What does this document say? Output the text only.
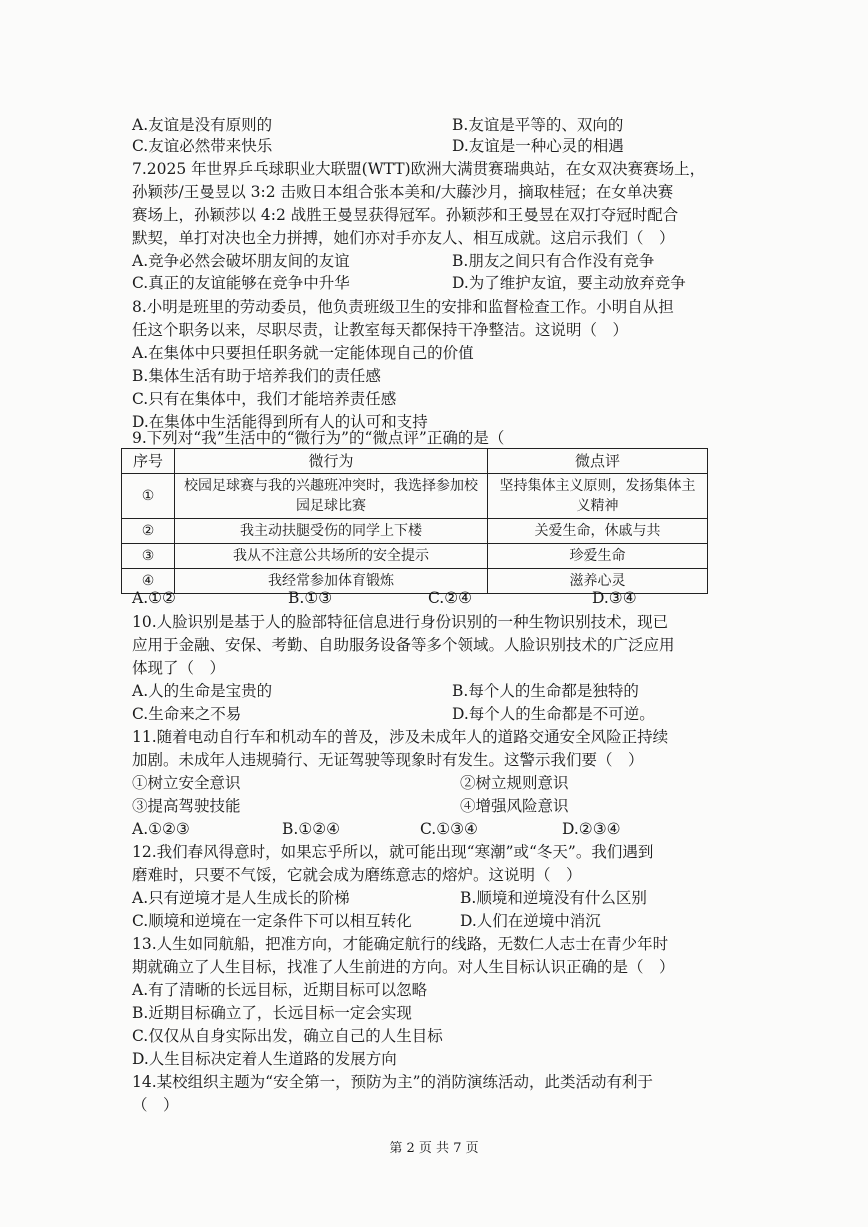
A.友谊是没有原则的	B.友谊是平等的、双向的
C.友谊必然带来快乐	D.友谊是一种心灵的相遇
7.2025 年世界乒乓球职业大联盟(WTT)欧洲大满贯赛瑞典站，在女双决赛赛场上，
孙颖莎/王曼昱以 3:2 击败日本组合张本美和/大藤沙月，摘取桂冠；在女单决赛
赛场上，孙颖莎以 4:2 战胜王曼昱获得冠军。孙颖莎和王曼昱在双打夺冠时配合
默契，单打对决也全力拼搏，她们亦对手亦友人、相互成就。这启示我们（　）
A.竞争必然会破坏朋友间的友谊	B.朋友之间只有合作没有竞争
C.真正的友谊能够在竞争中升华	D.为了维护友谊，要主动放弃竞争
8.小明是班里的劳动委员，他负责班级卫生的安排和监督检查工作。小明自从担
任这个职务以来，尽职尽责，让教室每天都保持干净整洁。这说明（　）
A.在集体中只要担任职务就一定能体现自己的价值
B.集体生活有助于培养我们的责任感
C.只有在集体中，我们才能培养责任感
D.在集体中生活能得到所有人的认可和支持
9.下列对“我”生活中的“微行为”的“微点评”正确的是（
序号	微行为	微点评
①	校园足球赛与我的兴趣班冲突时，我选择参加校园足球比赛	坚持集体主义原则，发扬集体主义精神
②	我主动扶腿受伤的同学上下楼	关爱生命，休戚与共
③	我从不注意公共场所的安全提示	珍爱生命
④	我经常参加体育锻炼	滋养心灵
A.①②	B.①③	C.②④	D.③④
10.人脸识别是基于人的脸部特征信息进行身份识别的一种生物识别技术，现已
应用于金融、安保、考勤、自助服务设备等多个领域。人脸识别技术的广泛应用
体现了（　）
A.人的生命是宝贵的	B.每个人的生命都是独特的
C.生命来之不易	D.每个人的生命都是不可逆。
11.随着电动自行车和机动车的普及，涉及未成年人的道路交通安全风险正持续
加剧。未成年人违规骑行、无证驾驶等现象时有发生。这警示我们要（　）
①树立安全意识	②树立规则意识
③提高驾驶技能	④增强风险意识
A.①②③	B.①②④	C.①③④	D.②③④
12.我们春风得意时，如果忘乎所以，就可能出现“寒潮”或“冬天”。我们遇到
磨难时，只要不气馁，它就会成为磨练意志的熔炉。这说明（　）
A.只有逆境才是人生成长的阶梯	B.顺境和逆境没有什么区别
C.顺境和逆境在一定条件下可以相互转化	D.人们在逆境中消沉
13.人生如同航船，把准方向，才能确定航行的线路，无数仁人志士在青少年时
期就确立了人生目标，找准了人生前进的方向。对人生目标认识正确的是（　）
A.有了清晰的长远目标，近期目标可以忽略
B.近期目标确立了，长远目标一定会实现
C.仅仅从自身实际出发，确立自己的人生目标
D.人生目标决定着人生道路的发展方向
14.某校组织主题为“安全第一，预防为主”的消防演练活动，此类活动有利于
（　）
第 2 页 共 7 页
